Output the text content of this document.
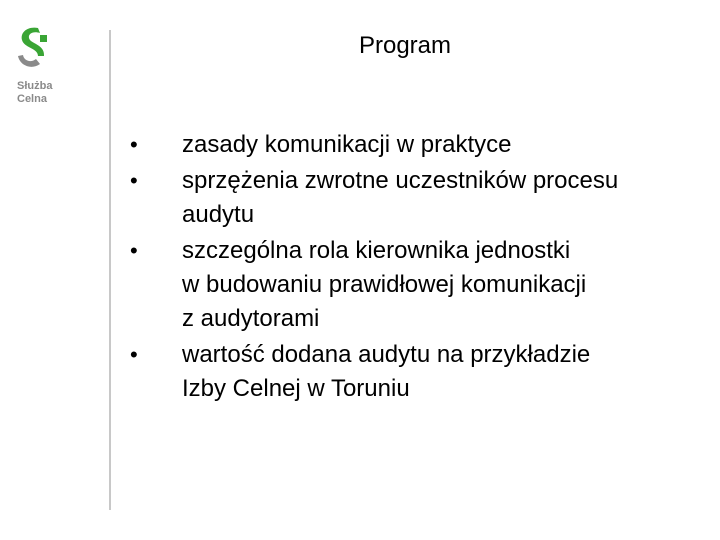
Służba
Celna
Program
•	zasady komunikacji w praktyce
•	sprzężenia zwrotne uczestników procesu
audytu
•	szczególna rola kierownika jednostki
w budowaniu prawidłowej komunikacji
z audytorami
•	wartość dodana audytu na przykładzie
Izby Celnej w Toruniu
